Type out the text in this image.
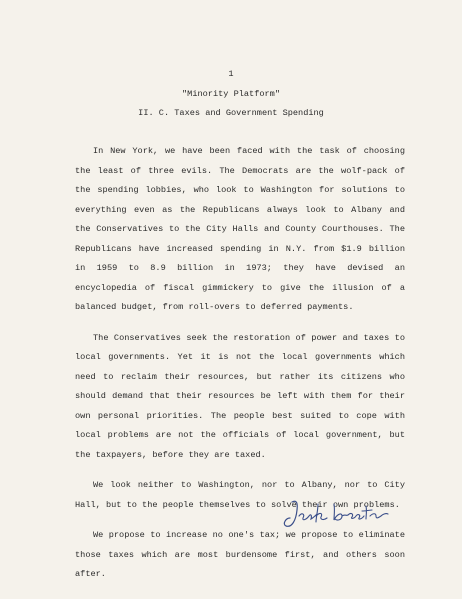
1
"Minority Platform"
II. C. Taxes and Government Spending

In New York, we have been faced with the task of choosing the least of three evils. The Democrats are the wolf-pack of the spending lobbies, who look to Washington for solutions to everything even as the Republicans always look to Albany and the Conservatives to the City Halls and County Courthouses. The Republicans have increased spending in N.Y. from $1.9 billion in 1959 to 8.9 billion in 1973; they have devised an encyclopedia of fiscal gimmickery to give the illusion of a balanced budget, from roll-overs to deferred payments.

The Conservatives seek the restoration of power and taxes to local governments. Yet it is not the local governments which need to reclaim their resources, but rather its citizens who should demand that their resources be left with them for their own personal priorities. The people best suited to cope with local problems are not the officials of local government, but the taxpayers, before they are taxed.

We look neither to Washington, nor to Albany, nor to City Hall, but to the people themselves to solve their own problems.

We propose to increase no one's tax; we propose to eliminate those taxes which are most burdensome first, and others soon after.
